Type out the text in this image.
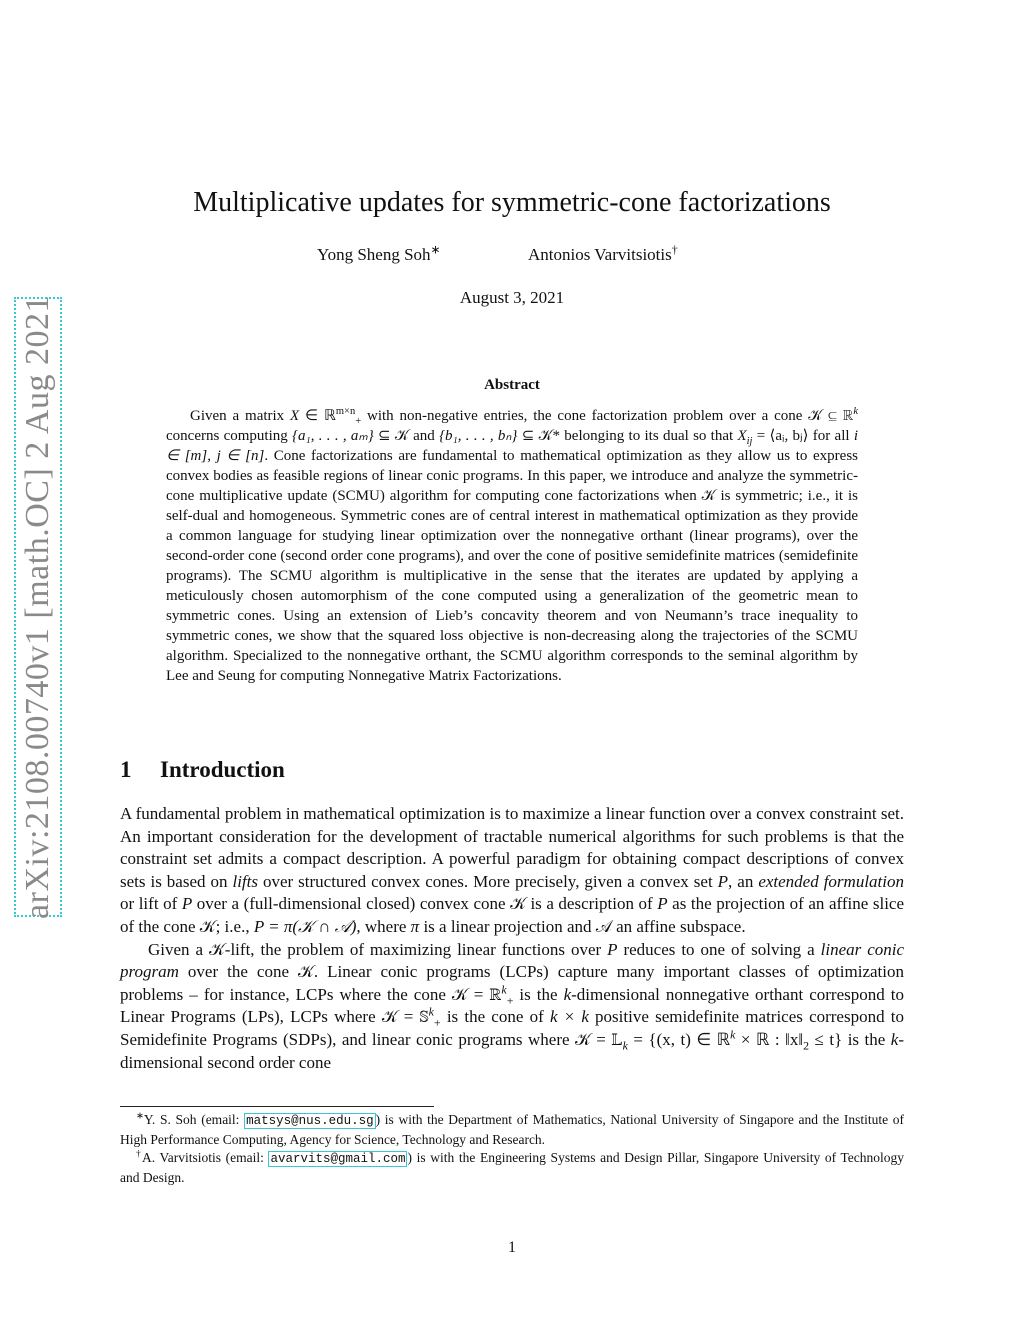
arXiv:2108.00740v1 [math.OC] 2 Aug 2021
Multiplicative updates for symmetric-cone factorizations
Yong Sheng Soh∗	Antonios Varvitsiotis†
August 3, 2021
Abstract

Given a matrix X ∈ ℝ$^{m\times n}_+$ with non-negative entries, the cone factorization problem over a cone 𝒦 ⊆ ℝ$^k$ concerns computing {a₁, . . . , aₘ} ⊆ 𝒦 and {b₁, . . . , bₙ} ⊆ 𝒦* belonging to its dual so that $X_{ij}$ = ⟨aᵢ, bⱼ⟩ for all i ∈ [m], j ∈ [n]. Cone factorizations are fundamental to mathematical optimization as they allow us to express convex bodies as feasible regions of linear conic programs. In this paper, we introduce and analyze the symmetric-cone multiplicative update (SCMU) algorithm for computing cone factorizations when 𝒦 is symmetric; i.e., it is self-dual and homogeneous. Symmetric cones are of central interest in mathematical optimization as they provide a common language for studying linear optimization over the nonnegative orthant (linear programs), over the second-order cone (second order cone programs), and over the cone of positive semidefinite matrices (semidefinite programs). The SCMU algorithm is multiplicative in the sense that the iterates are updated by applying a meticulously chosen automorphism of the cone computed using a generalization of the geometric mean to symmetric cones. Using an extension of Lieb’s concavity theorem and von Neumann’s trace inequality to symmetric cones, we show that the squared loss objective is non-decreasing along the trajectories of the SCMU algorithm. Specialized to the nonnegative orthant, the SCMU algorithm corresponds to the seminal algorithm by Lee and Seung for computing Nonnegative Matrix Factorizations.

1 Introduction

A fundamental problem in mathematical optimization is to maximize a linear function over a convex constraint set. An important consideration for the development of tractable numerical algorithms for such problems is that the constraint set admits a compact description. A powerful paradigm for obtaining compact descriptions of convex sets is based on lifts over structured convex cones. More precisely, given a convex set P, an extended formulation or lift of P over a (full-dimensional closed) convex cone 𝒦 is a description of P as the projection of an affine slice of the cone 𝒦; i.e., P = π(𝒦 ∩ 𝒜), where π is a linear projection and 𝒜 an affine subspace.

Given a 𝒦-lift, the problem of maximizing linear functions over P reduces to one of solving a linear conic program over the cone 𝒦. Linear conic programs (LCPs) capture many important classes of optimization problems – for instance, LCPs where the cone 𝒦 = ℝ$^k_+$ is the k-dimensional nonnegative orthant correspond to Linear Programs (LPs), LCPs where 𝒦 = 𝕊$^k_+$ is the cone of k × k positive semidefinite matrices correspond to Semidefinite Programs (SDPs), and linear conic programs where 𝒦 = 𝕃$_k$ = {(x, t) ∈ ℝ$^k$ × ℝ : $‖x‖_2 \le t$} is the k-dimensional second order cone

∗Y. S. Soh (email: matsys@nus.edu.sg ) is with the Department of Mathematics, National University of Singapore and the Institute of High Performance Computing, Agency for Science, Technology and Research.

†A. Varvitsiotis (email: avarvits@gmail.com ) is with the Engineering Systems and Design Pillar, Singapore University of Technology and Design.

1
